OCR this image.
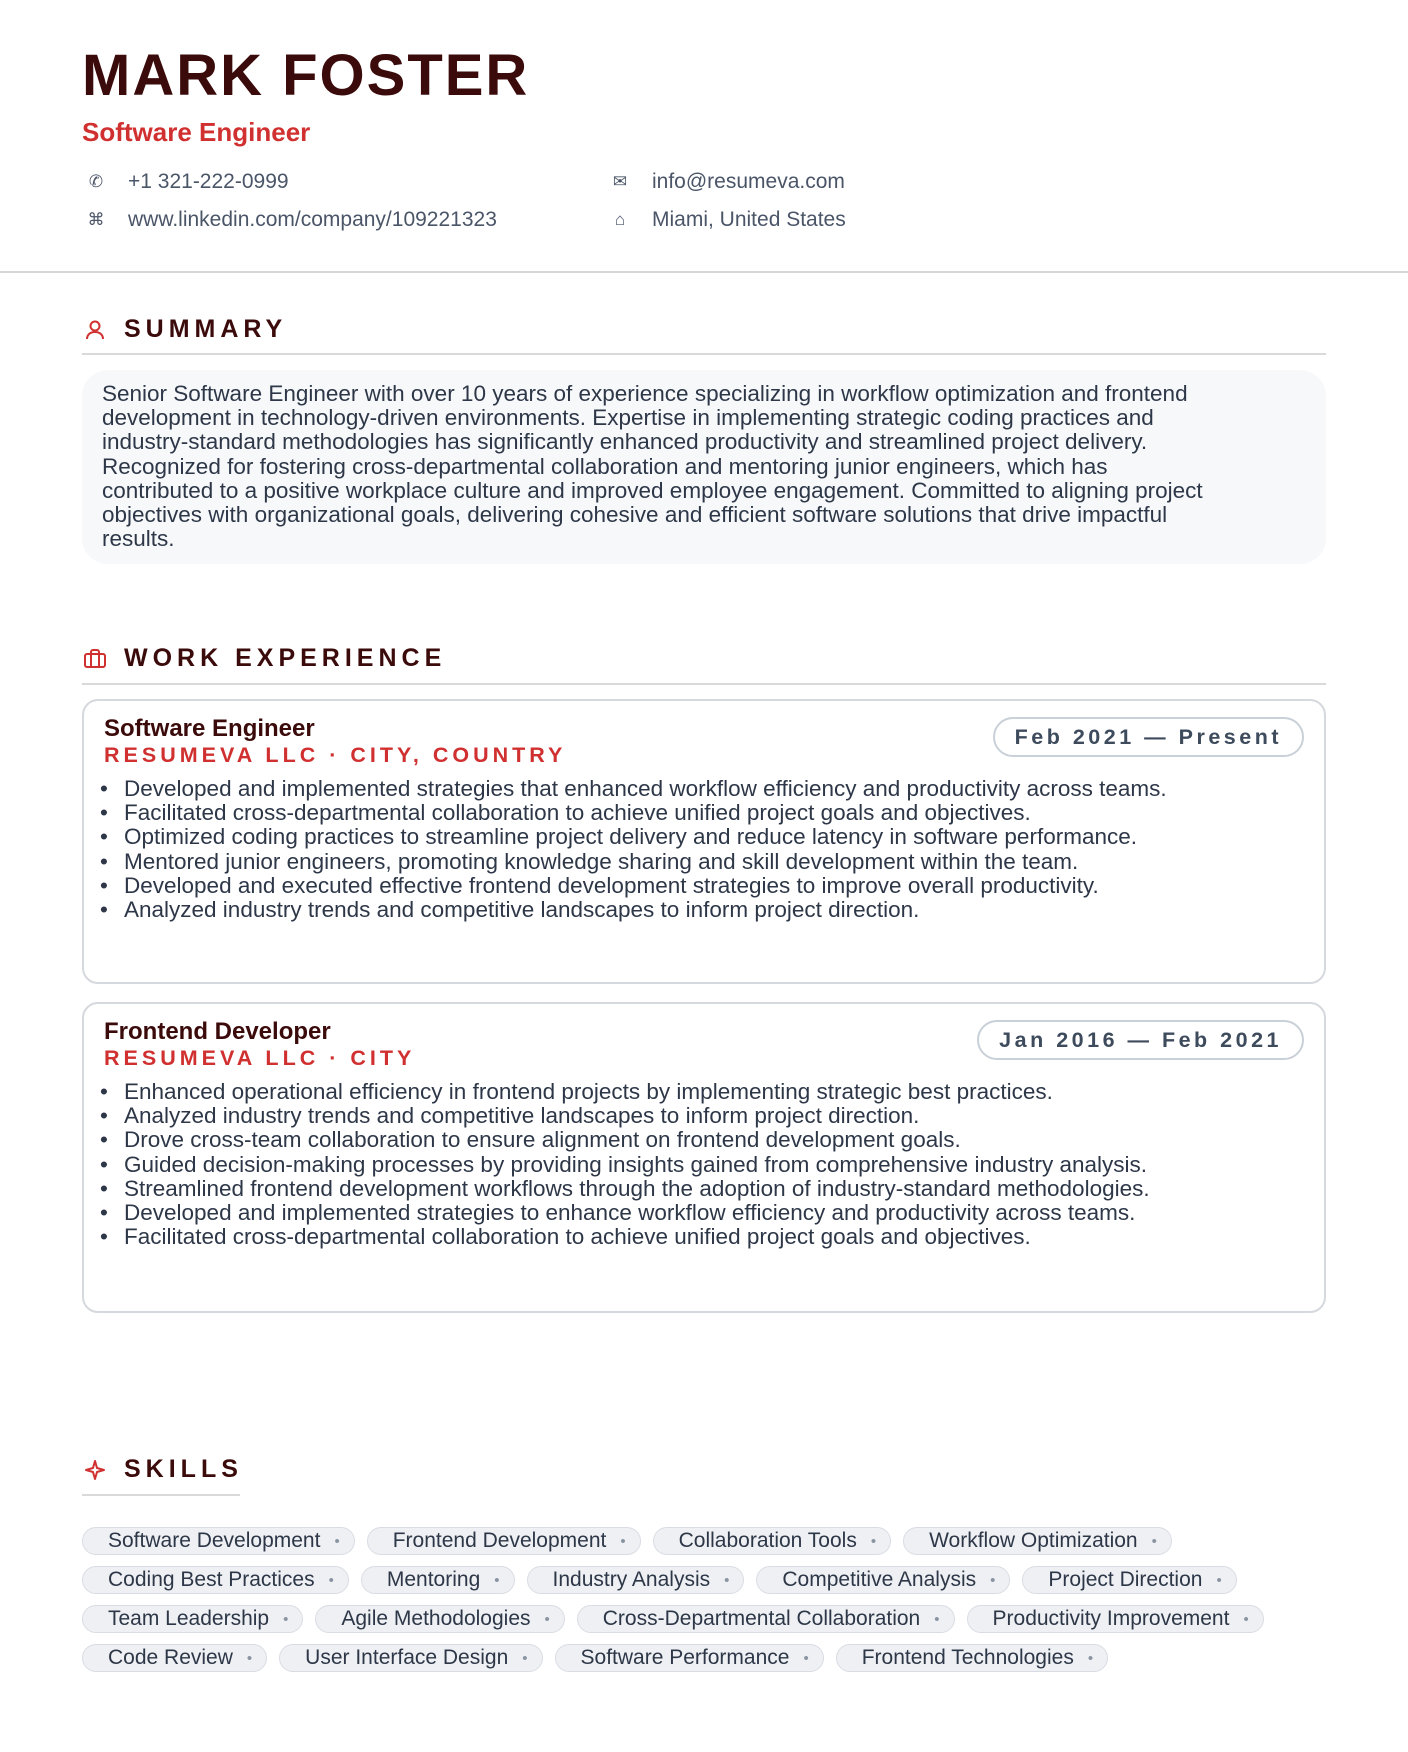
MARK FOSTER
Software Engineer
✆	+1 321-222-0999	✉	info@resumeva.com
⌘ www.linkedin.com/company/109221323	⌂	Miami, United States
SUMMARY
Senior Software Engineer with over 10 years of experience specializing in workflow optimization and frontend
development in technology-driven environments. Expertise in implementing strategic coding practices and
industry-standard methodologies has significantly enhanced productivity and streamlined project delivery.
Recognized for fostering cross-departmental collaboration and mentoring junior engineers, which has
contributed to a positive workplace culture and improved employee engagement. Committed to aligning project
objectives with organizational goals, delivering cohesive and efficient software solutions that drive impactful
results.
WORK EXPERIENCE
Software Engineer
RESUMEVA LLC · CITY, COUNTRY
Feb 2021 — Present
• Developed and implemented strategies that enhanced workflow efficiency and productivity across teams.
• Facilitated cross-departmental collaboration to achieve unified project goals and objectives.
• Optimized coding practices to streamline project delivery and reduce latency in software performance.
• Mentored junior engineers, promoting knowledge sharing and skill development within the team.
• Developed and executed effective frontend development strategies to improve overall productivity.
• Analyzed industry trends and competitive landscapes to inform project direction.
Frontend Developer
RESUMEVA LLC · CITY
Jan 2016 — Feb 2021
• Enhanced operational efficiency in frontend projects by implementing strategic best practices.
• Analyzed industry trends and competitive landscapes to inform project direction.
• Drove cross-team collaboration to ensure alignment on frontend development goals.
• Guided decision-making processes by providing insights gained from comprehensive industry analysis.
• Streamlined frontend development workflows through the adoption of industry-standard methodologies.
• Developed and implemented strategies to enhance workflow efficiency and productivity across teams.
• Facilitated cross-departmental collaboration to achieve unified project goals and objectives.
SKILLS
Software Development •	Frontend Development •	Collaboration Tools •	Workflow Optimization •
Coding Best Practices •	Mentoring •	Industry Analysis •	Competitive Analysis •	Project Direction •
Team Leadership •	Agile Methodologies •	Cross-Departmental Collaboration •	Productivity Improvement •
Code Review •	User Interface Design •	Software Performance •	Frontend Technologies •
